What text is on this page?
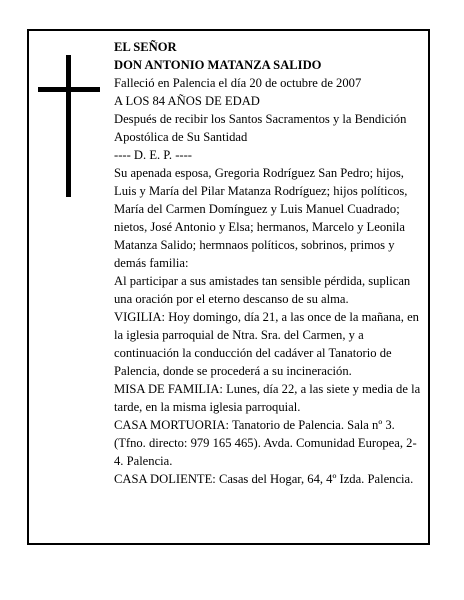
EL SEÑOR

DON ANTONIO MATANZA SALIDO

Falleció en Palencia el día 20 de octubre de 2007

A LOS 84 AÑOS DE EDAD

Después de recibir los Santos Sacramentos y la Bendición Apostólica de Su Santidad

---- D. E. P. ----

Su apenada esposa, Gregoria Rodríguez San Pedro; hijos, Luis y María del Pilar Matanza Rodríguez; hijos políticos, María del Carmen Domínguez y Luis Manuel Cuadrado; nietos, José Antonio y Elsa; hermanos, Marcelo y Leonila Matanza Salido; hermnaos políticos, sobrinos, primos y demás familia:

Al participar a sus amistades tan sensible pérdida, suplican una oración por el eterno descanso de su alma.

VIGILIA: Hoy domingo, día 21, a las once de la mañana, en la iglesia parroquial de Ntra. Sra. del Carmen, y a continuación la conducción del cadáver al Tanatorio de Palencia, donde se procederá a su incineración.

MISA DE FAMILIA: Lunes, día 22, a las siete y media de la tarde, en la misma iglesia parroquial.

CASA MORTUORIA: Tanatorio de Palencia. Sala nº 3. (Tfno. directo: 979 165 465). Avda. Comunidad Europea, 2-4. Palencia.

CASA DOLIENTE: Casas del Hogar, 64, 4º Izda. Palencia.
